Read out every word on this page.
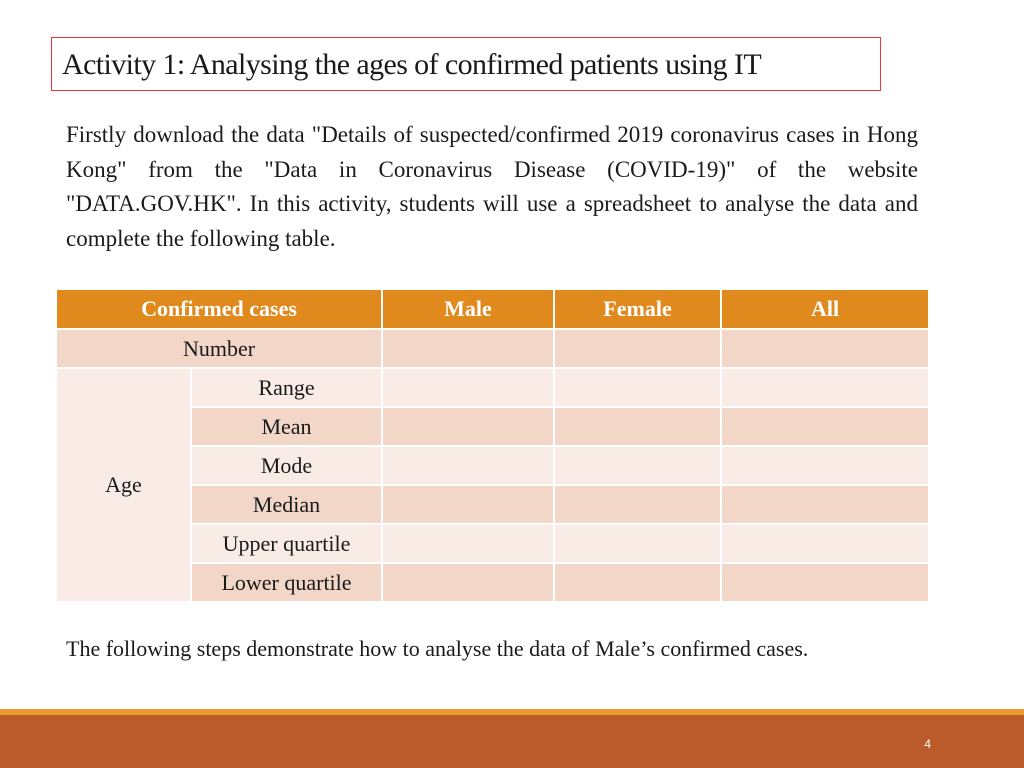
Activity 1: Analysing the ages of confirmed patients using IT
Firstly download the data "Details of suspected/confirmed 2019 coronavirus cases in Hong Kong" from the "Data in Coronavirus Disease (COVID-19)" of the website "DATA.GOV.HK". In this activity, students will use a spreadsheet to analyse the data and complete the following table.
Confirmed cases		Male	Female	All
Number				
Age	Range			
	Mean			
	Mode			
	Median			
	Upper quartile			
	Lower quartile			
The following steps demonstrate how to analyse the data of Male’s confirmed cases.
4
